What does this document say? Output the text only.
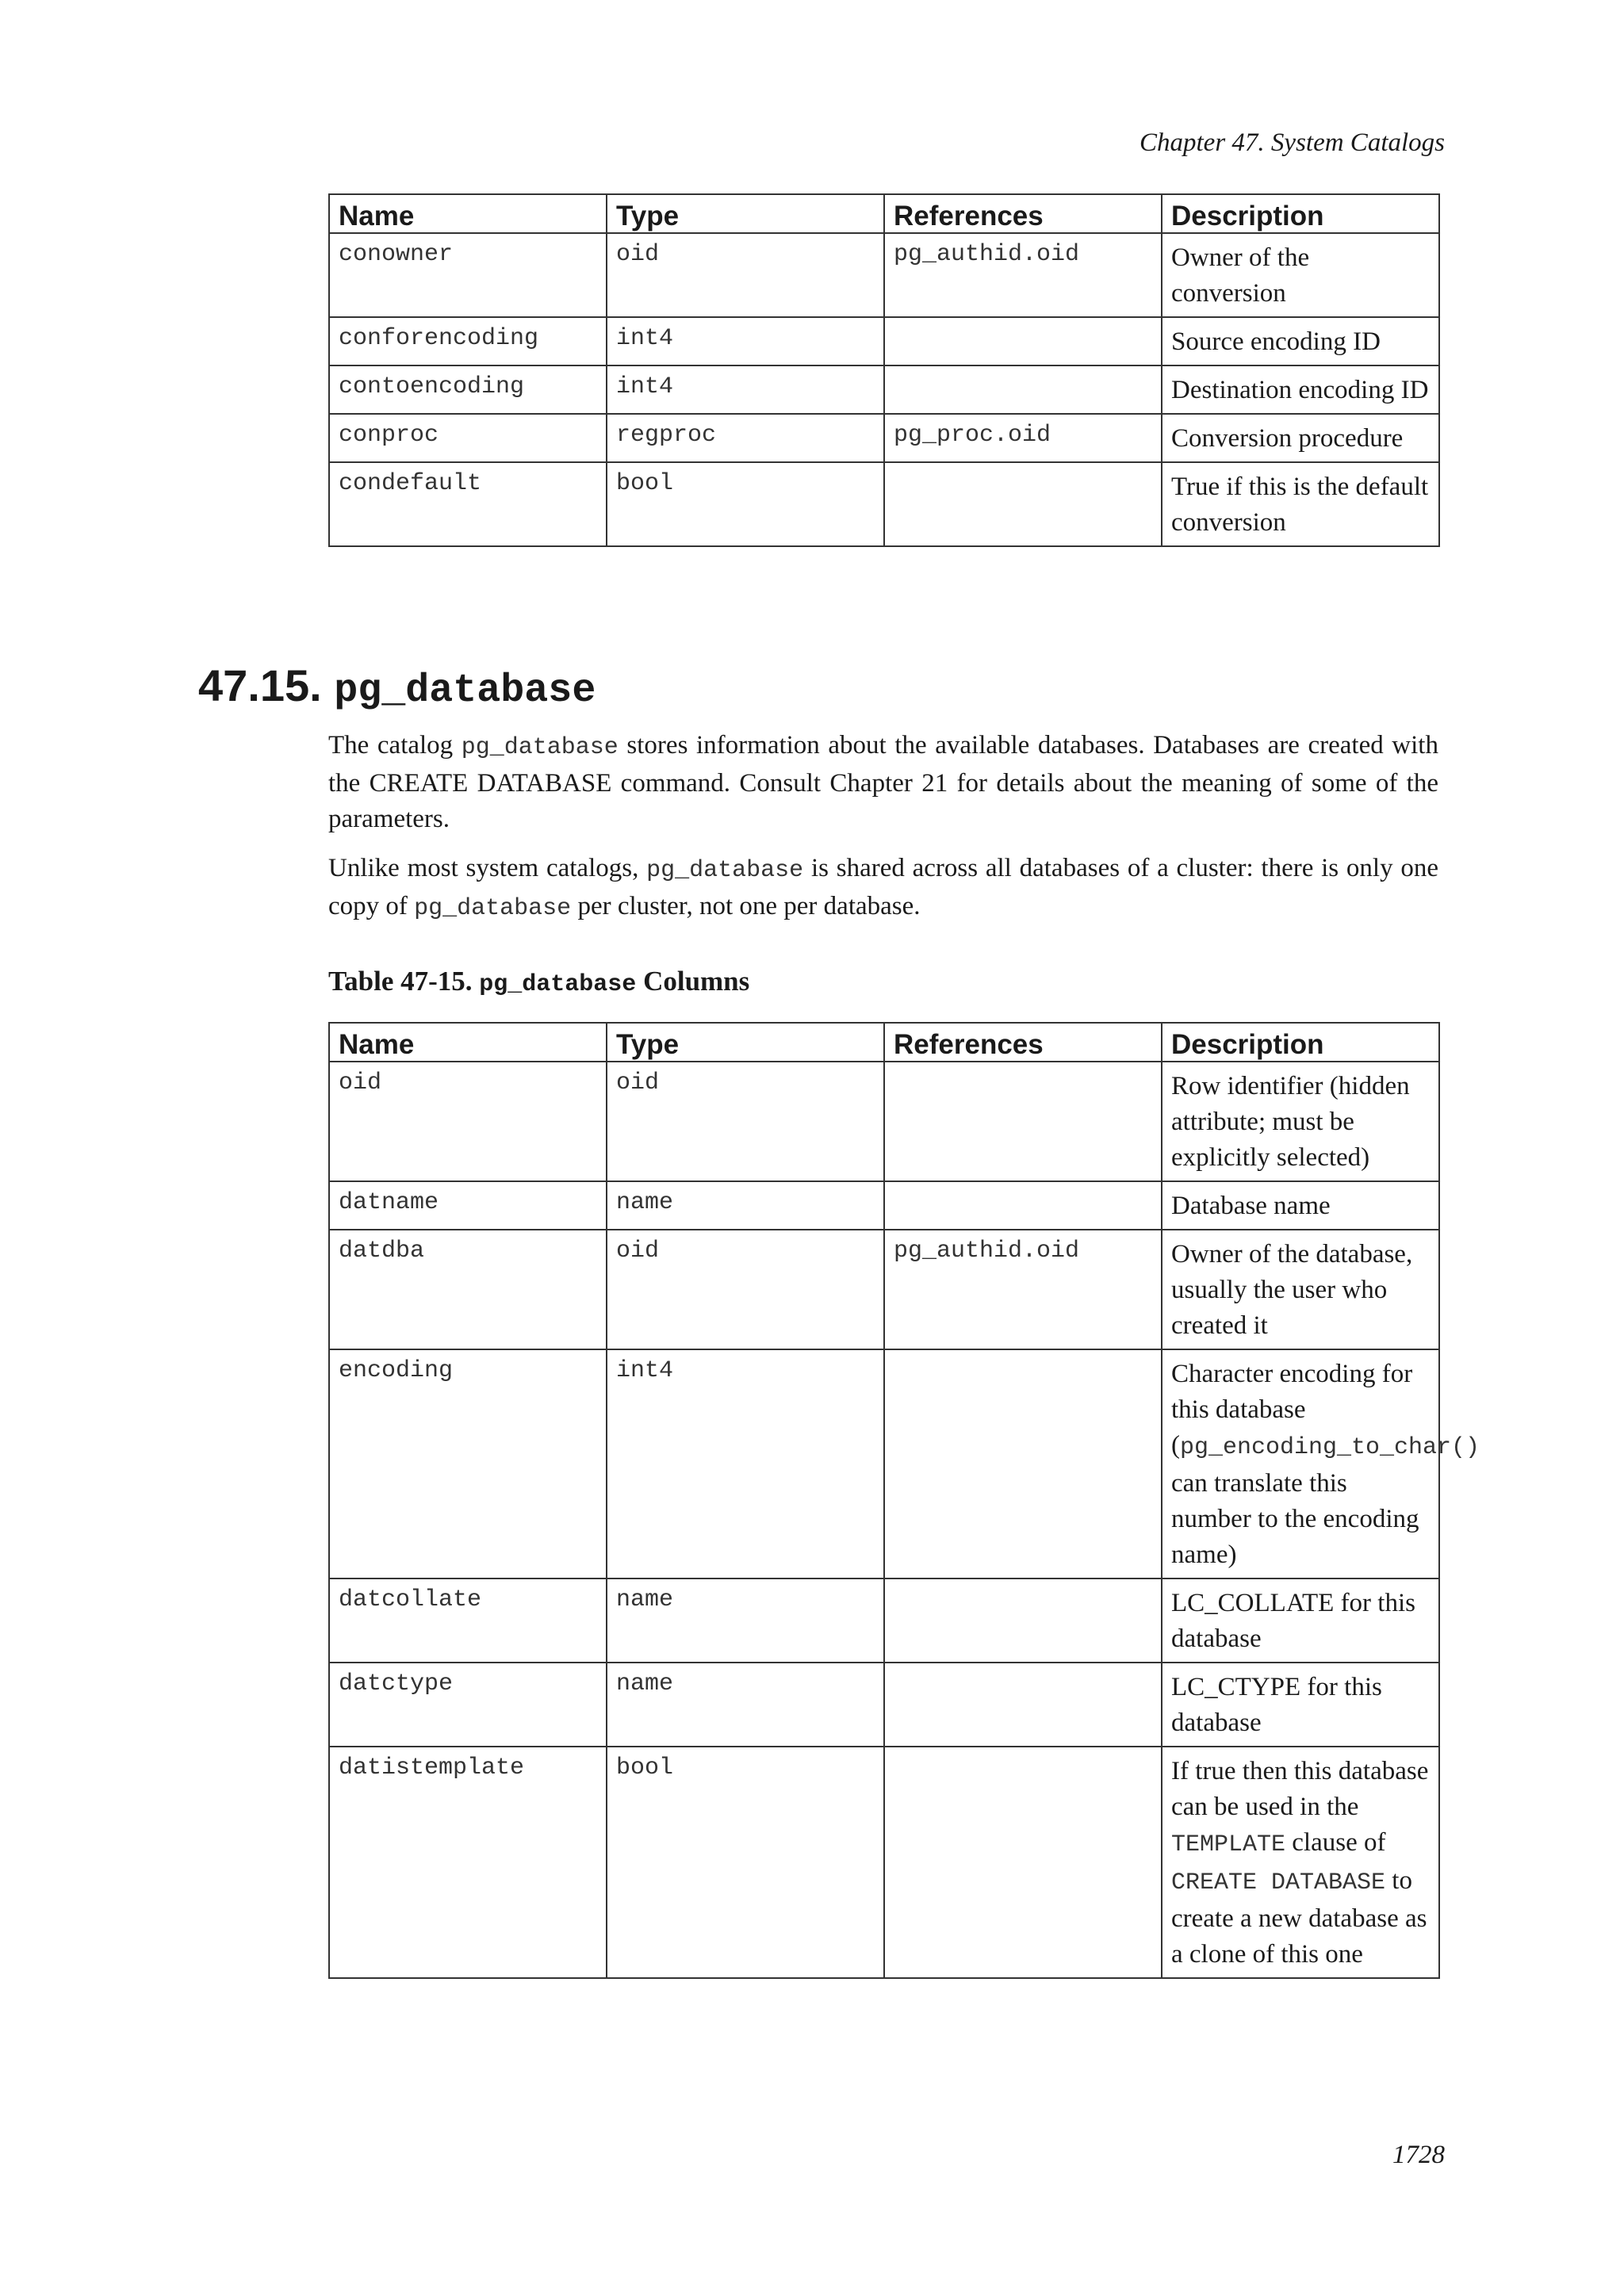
Chapter 47. System Catalogs
Name	Type	References	Description
conowner	oid	pg_authid.oid	Owner of the conversion
conforencoding	int4		Source encoding ID
contoencoding	int4		Destination encoding ID
conproc	regproc	pg_proc.oid	Conversion procedure
condefault	bool		True if this is the default conversion
47.15. pg_database

The catalog pg_database stores information about the available databases. Databases are created with the CREATE DATABASE command. Consult Chapter 21 for details about the meaning of some of the parameters.

Unlike most system catalogs, pg_database is shared across all databases of a cluster: there is only one copy of pg_database per cluster, not one per database.

Table 47-15. pg_database Columns
Name	Type	References	Description
oid	oid		Row identifier (hidden attribute; must be explicitly selected)
datname	name		Database name
datdba	oid	pg_authid.oid	Owner of the database, usually the user who created it
encoding	int4		Character encoding for this database (pg_encoding_to_char() can translate this number to the encoding name)
datcollate	name		LC_COLLATE for this database
datctype	name		LC_CTYPE for this database
datistemplate	bool		If true then this database can be used in the TEMPLATE clause of CREATE DATABASE to create a new database as a clone of this one
1728
